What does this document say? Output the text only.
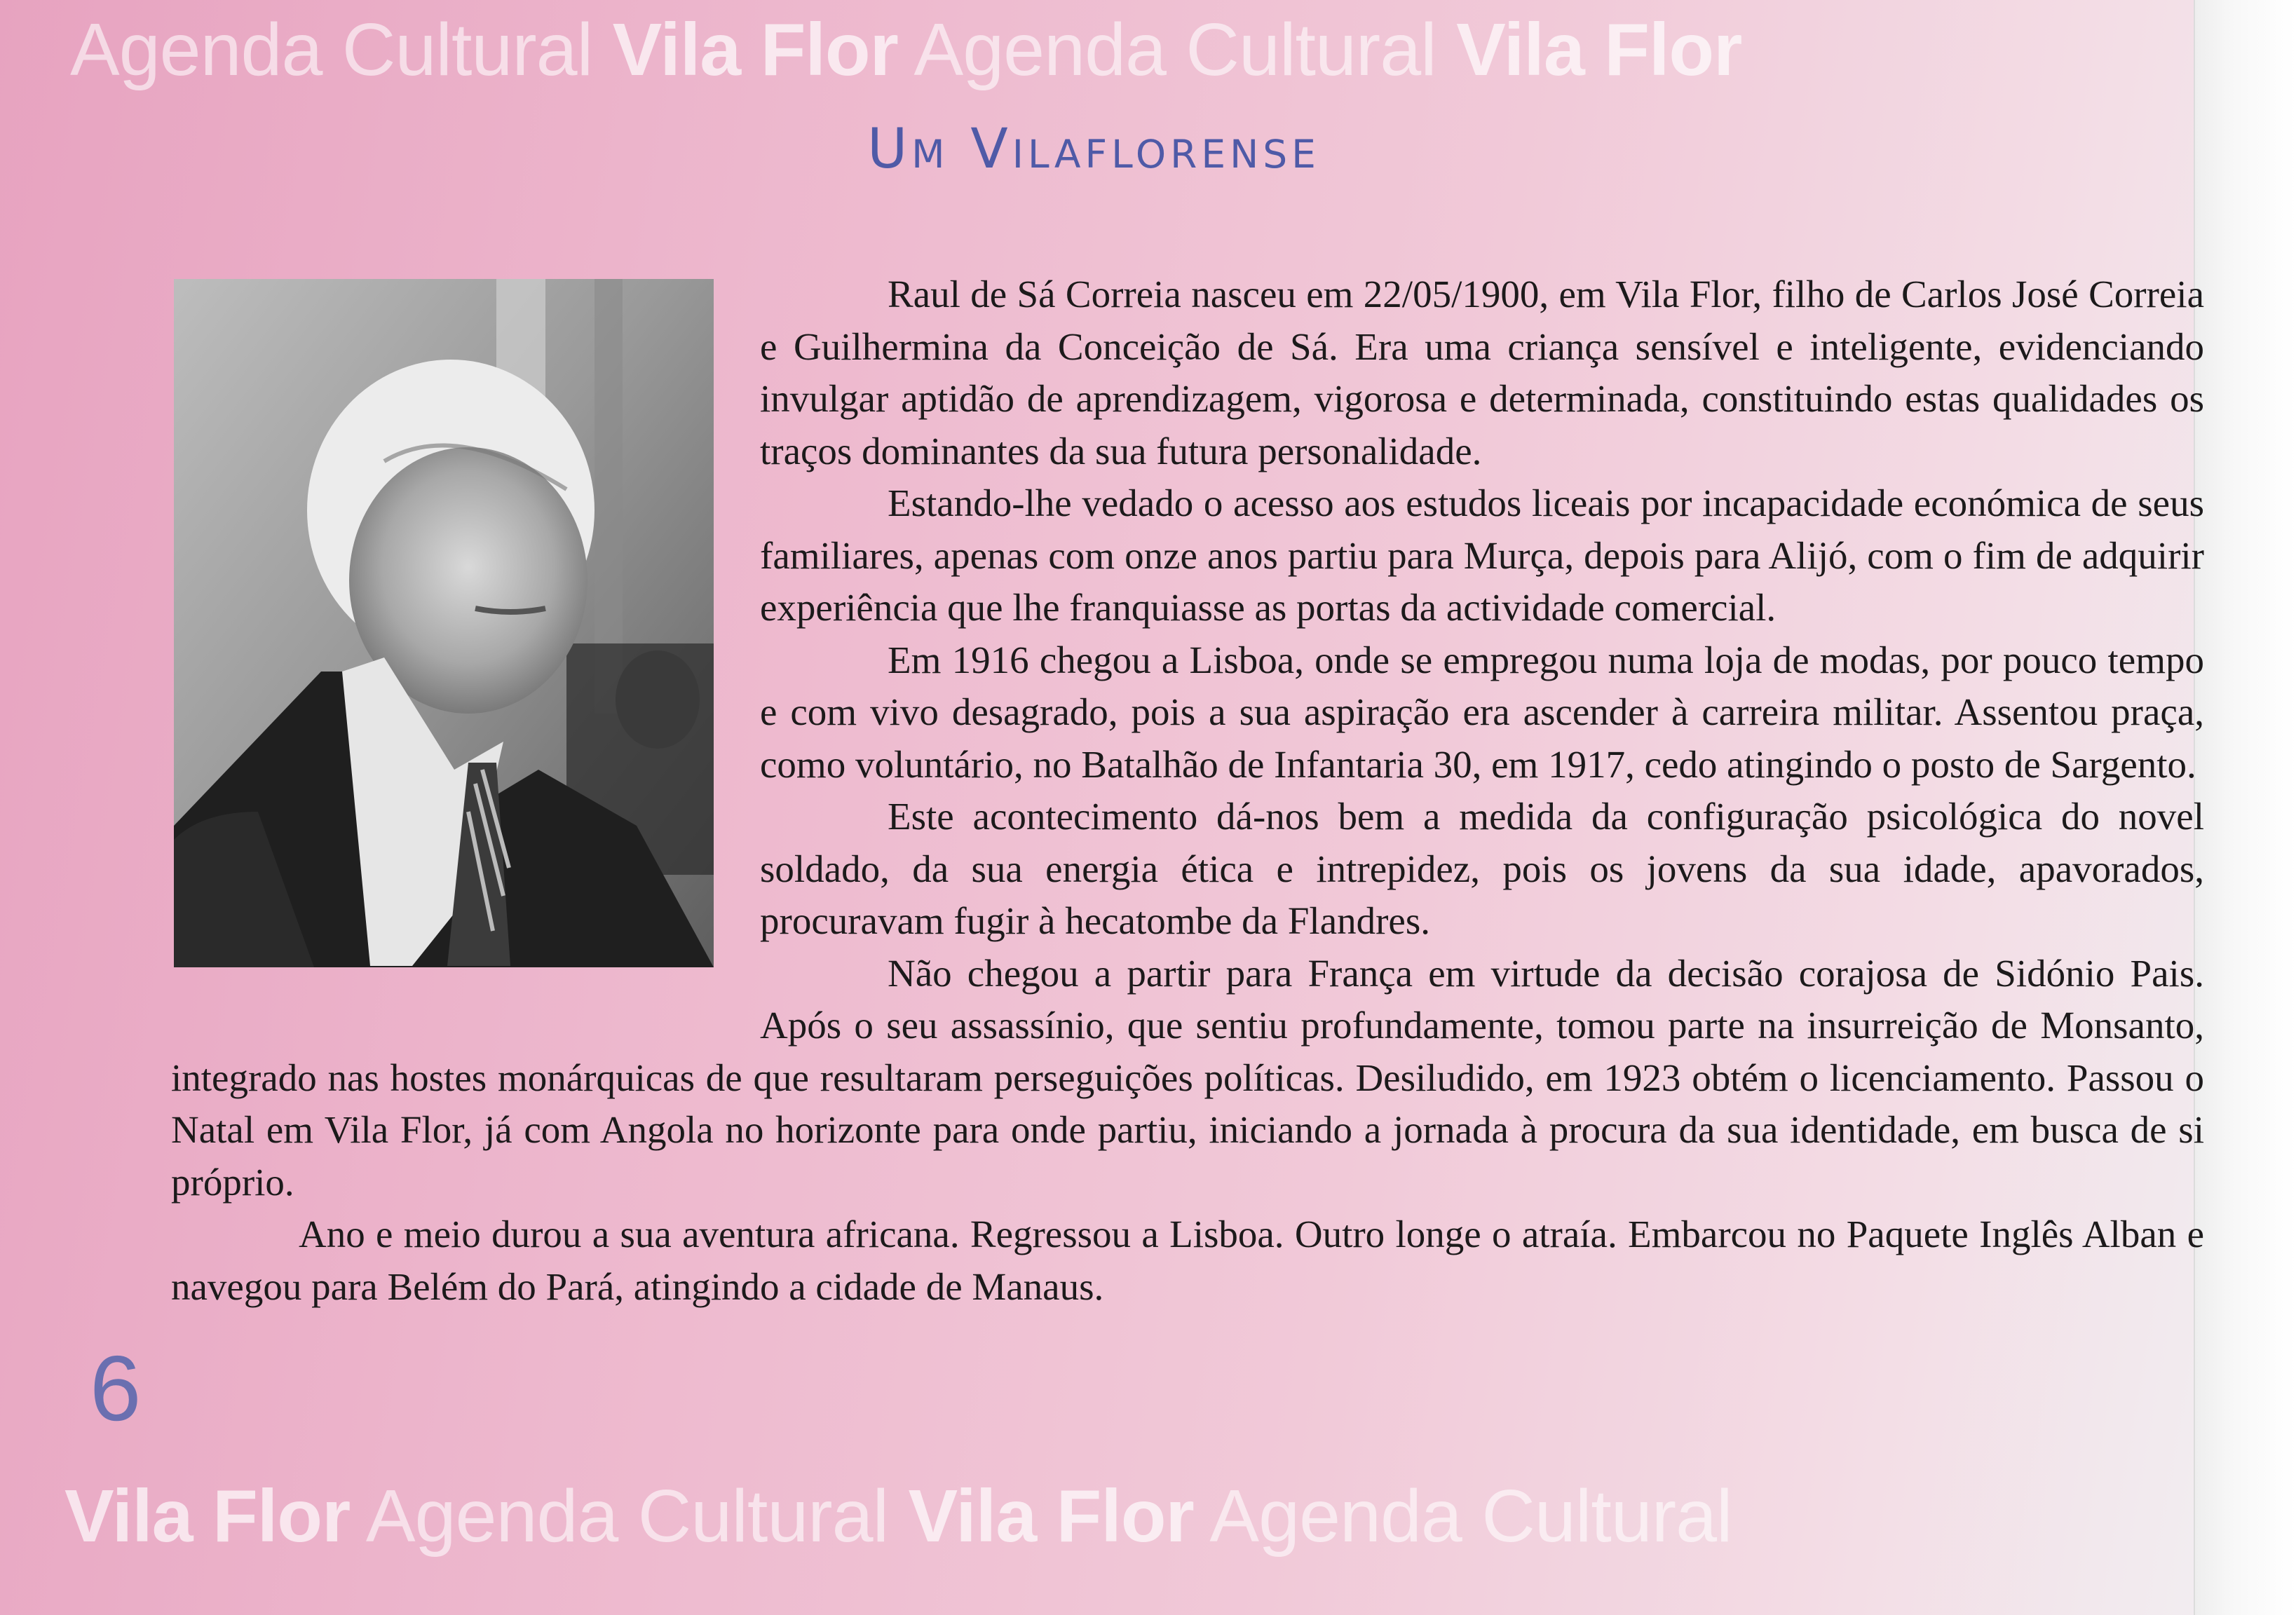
Agenda Cultural Vila Flor Agenda Cultural Vila Flor
Um Vilaflorense

Raul de Sá Correia nasceu em 22/05/1900, em Vila Flor, filho de Carlos José Correia e Guilhermina da Conceição de Sá. Era uma criança sensível e inteligente, evidenciando invulgar aptidão de aprendizagem, vigorosa e determinada, constituindo estas qualidades os traços dominantes da sua futura personalidade.

Estando-lhe vedado o acesso aos estudos liceais por incapacidade económica de seus familiares, apenas com onze anos partiu para Murça, depois para Alijó, com o fim de adquirir experiência que lhe franquiasse as portas da actividade comercial.

Em 1916 chegou a Lisboa, onde se empregou numa loja de modas, por pouco tempo e com vivo desagrado, pois a sua aspiração era ascender à carreira militar. Assentou praça, como voluntário, no Batalhão de Infantaria 30, em 1917, cedo atingindo o posto de Sargento.

Este acontecimento dá-nos bem a medida da configuração psicológica do novel soldado, da sua energia ética e intrepidez, pois os jovens da sua idade, apavorados, procuravam fugir à hecatombe da Flandres.

Não chegou a partir para França em virtude da decisão corajosa de Sidónio Pais. Após o seu assassínio, que sentiu profundamente, tomou parte na insurreição de Monsanto, integrado nas hostes monárquicas de que resultaram perseguições políticas. Desiludido, em 1923 obtém o licenciamento. Passou o Natal em Vila Flor, já com Angola no horizonte para onde partiu, iniciando a jornada à procura da sua identidade, em busca de si próprio.

Ano e meio durou a sua aventura africana. Regressou a Lisboa. Outro longe o atraía. Embarcou no Paquete Inglês Alban e navegou para Belém do Pará, atingindo a cidade de Manaus.

6
Vila Flor Agenda Cultural Vila Flor Agenda Cultural
